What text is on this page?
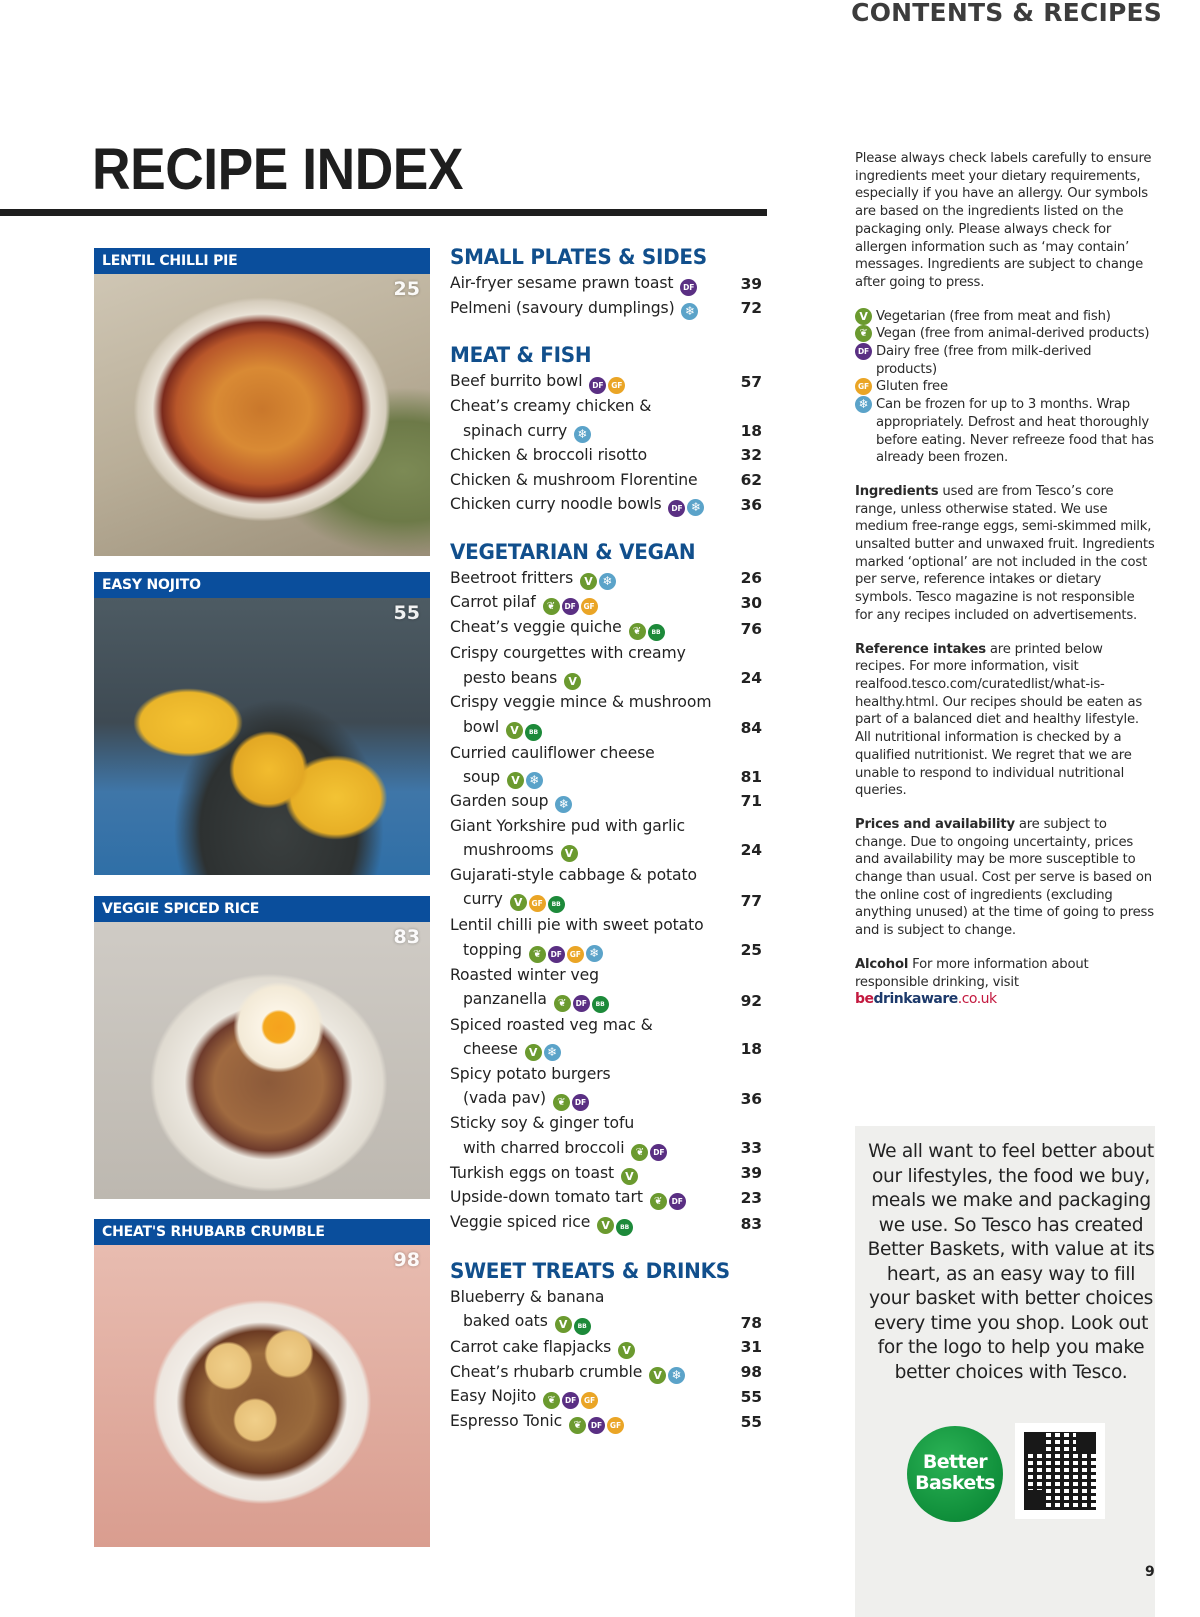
CONTENTS & RECIPES
RECIPE INDEX
LENTIL CHILLI PIE
25
EASY NOJITO
55
VEGGIE SPICED RICE
83
CHEAT'S RHUBARB CRUMBLE
98
SMALL PLATES & SIDES
Air-fryer sesame prawn toast DF	39
Pelmeni (savoury dumplings) ❄	72
MEAT & FISH
Beef burrito bowl DF GF	57
Cheat’s creamy chicken &
spinach curry ❄	18
Chicken & broccoli risotto	32
Chicken & mushroom Florentine	62
Chicken curry noodle bowls DF ❄	36
VEGETARIAN & VEGAN
Beetroot fritters V ❄	26
Carrot pilaf ❦ DF GF	30
Cheat’s veggie quiche ❦ BB	76
Crispy courgettes with creamy
pesto beans V	24
Crispy veggie mince & mushroom
bowl V BB	84
Curried cauliflower cheese
soup V ❄	81
Garden soup ❄	71
Giant Yorkshire pud with garlic
mushrooms V	24
Gujarati-style cabbage & potato
curry V GF BB	77
Lentil chilli pie with sweet potato
topping ❦ DF GF ❄	25
Roasted winter veg
panzanella ❦ DF BB	92
Spiced roasted veg mac &
cheese V ❄	18
Spicy potato burgers
(vada pav) ❦ DF	36
Sticky soy & ginger tofu
with charred broccoli ❦ DF	33
Turkish eggs on toast V	39
Upside-down tomato tart ❦ DF	23
Veggie spiced rice V BB	83
SWEET TREATS & DRINKS
Blueberry & banana
baked oats V BB	78
Carrot cake flapjacks V	31
Cheat’s rhubarb crumble V ❄	98
Easy Nojito ❦ DF GF	55
Espresso Tonic ❦ DF GF	55

Please always check labels carefully to ensure ingredients meet your dietary requirements, especially if you have an allergy. Our symbols are based on the ingredients listed on the packaging only. Please always check for allergen information such as ‘may contain’ messages. Ingredients are subject to change after going to press.

V Vegetarian (free from meat and fish)
❦ Vegan (free from animal-derived products)
DF Dairy free (free from milk-derived products)
GF Gluten free
❄ Can be frozen for up to 3 months. Wrap appropriately. Defrost and heat thoroughly before eating. Never refreeze food that has already been frozen.

Ingredients used are from Tesco’s core range, unless otherwise stated. We use medium free-range eggs, semi-skimmed milk, unsalted butter and unwaxed fruit. Ingredients marked ‘optional’ are not included in the cost per serve, reference intakes or dietary symbols. Tesco magazine is not responsible for any recipes included on advertisements.

Reference intakes are printed below recipes. For more information, visit realfood.tesco.com/curatedlist/what-is-healthy.html. Our recipes should be eaten as part of a balanced diet and healthy lifestyle. All nutritional information is checked by a qualified nutritionist. We regret that we are unable to respond to individual nutritional queries.

Prices and availability are subject to change. Due to ongoing uncertainty, prices and availability may be more susceptible to change than usual. Cost per serve is based on the online cost of ingredients (excluding anything unused) at the time of going to press and is subject to change.

Alcohol For more information about responsible drinking, visit

bedrinkaware.co.uk
We all want to feel better about our lifestyles, the food we buy, meals we make and packaging we use. So Tesco has created Better Baskets, with value at its heart, as an easy way to fill your basket with better choices every time you shop. Look out for the logo to help you make better choices with Tesco.
Better
Baskets
9
